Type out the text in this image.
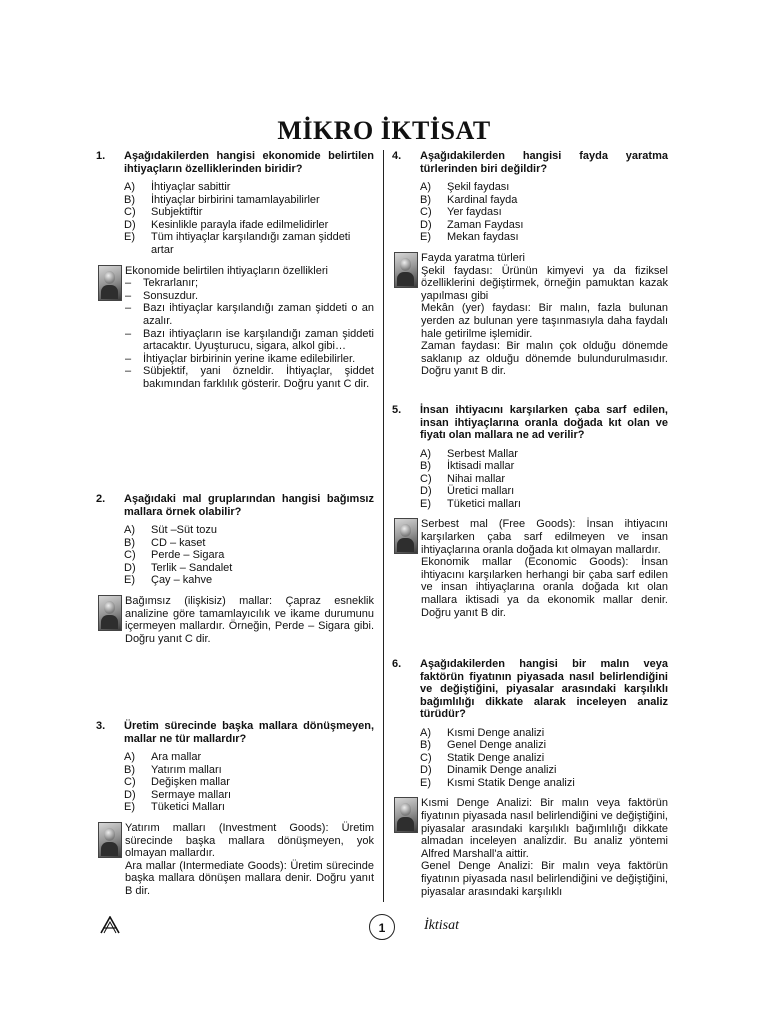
MİKRO İKTİSAT
1.	Aşağıdakilerden hangisi ekonomide belirtilen ihtiyaçların özelliklerinden biridir?
A)	İhtiyaçlar sabittir
B)	İhtiyaçlar birbirini tamamlayabilirler
C)	Subjektiftir
D)	Kesinlikle parayla ifade edilmelidirler
E)	Tüm ihtiyaçlar karşılandığı zaman şiddeti artar

Ekonomide belirtilen ihtiyaçların özellikleri

–	Tekrarlanır;
–	Sonsuzdur.
–	Bazı ihtiyaçlar karşılandığı zaman şiddeti o an azalır.
–	Bazı ihtiyaçların ise karşılandığı zaman şiddeti artacaktır. Uyuşturucu, sigara, alkol gibi…
–	İhtiyaçlar birbirinin yerine ikame edilebilirler.
–	Sübjektif, yani özneldir. İhtiyaçlar, şiddet bakımından farklılık gösterir. Doğru yanıt C dir.
2.	Aşağıdaki mal gruplarından hangisi bağımsız mallara örnek olabilir?
A)	Süt –Süt tozu
B)	CD – kaset
C)	Perde – Sigara
D)	Terlik – Sandalet
E)	Çay – kahve

Bağımsız (ilişkisiz) mallar: Çapraz esneklik analizine göre tamamlayıcılık ve ikame durumunu içermeyen mallardır. Örneğin, Perde – Sigara gibi. Doğru yanıt C dir.

3.	Üretim sürecinde başka mallara dönüşmeyen, mallar ne tür mallardır?
A)	Ara mallar
B)	Yatırım malları
C)	Değişken mallar
D)	Sermaye malları
E)	Tüketici Malları

Yatırım malları (Investment Goods): Üretim sürecinde başka mallara dönüşmeyen, yok olmayan mallardır.

Ara mallar (Intermediate Goods): Üretim sürecinde başka mallara dönüşen mallara denir. Doğru yanıt B dir.

4.	Aşağıdakilerden hangisi fayda yaratma türlerinden biri değildir?
A)	Şekil faydası
B)	Kardinal fayda
C)	Yer faydası
D)	Zaman Faydası
E)	Mekan faydası

Fayda yaratma türleri

Şekil faydası: Ürünün kimyevi ya da fiziksel özelliklerini değiştirmek, örneğin pamuktan kazak yapılması gibi

Mekân (yer) faydası: Bir malın, fazla bulunan yerden az bulunan yere taşınmasıyla daha faydalı hale getirilme işlemidir.

Zaman faydası: Bir malın çok olduğu dönemde saklanıp az olduğu dönemde bulundurulmasıdır. Doğru yanıt B dir.

5.	İnsan ihtiyacını karşılarken çaba sarf edilen, insan ihtiyaçlarına oranla doğada kıt olan ve fiyatı olan mallara ne ad verilir?
A)	Serbest Mallar
B)	İktisadi mallar
C)	Nihai mallar
D)	Üretici malları
E)	Tüketici malları

Serbest mal (Free Goods): İnsan ihtiyacını karşılarken çaba sarf edilmeyen ve insan ihtiyaçlarına oranla doğada kıt olmayan mallardır.

Ekonomik mallar (Economic Goods): İnsan ihtiyacını karşılarken herhangi bir çaba sarf edilen ve insan ihtiyaçlarına oranla doğada kıt olan mallara iktisadi ya da ekonomik mallar denir. Doğru yanıt B dir.

6.	Aşağıdakilerden hangisi bir malın veya faktörün fiyatının piyasada nasıl belirlendiğini ve değiştiğini, piyasalar arasındaki karşılıklı bağımlılığı dikkate alarak inceleyen analiz türüdür?
A)	Kısmi Denge analizi
B)	Genel Denge analizi
C)	Statik Denge analizi
D)	Dinamik Denge analizi
E)	Kısmi Statik Denge analizi

Kısmi Denge Analizi: Bir malın veya faktörün fiyatının piyasada nasıl belirlendiğini ve değiştiğini, piyasalar arasındaki karşılıklı bağımlılığı dikkate almadan inceleyen analizdir. Bu analiz yöntemi Alfred Marshall'a aittir.

Genel Denge Analizi: Bir malın veya faktörün fiyatının piyasada nasıl belirlendiğini ve değiştiğini, piyasalar arasındaki karşılıklı

1	İktisat
